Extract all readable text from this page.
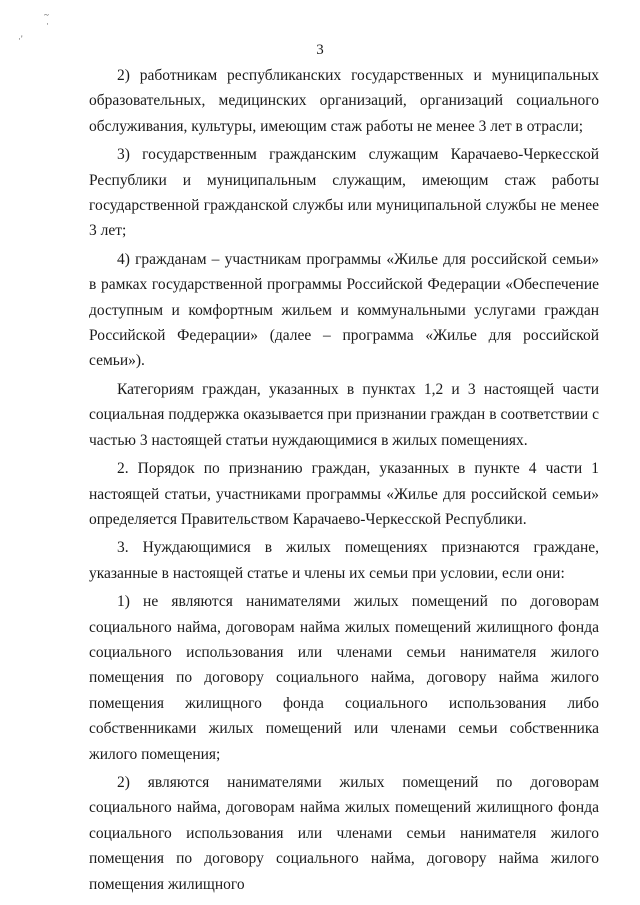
~
·
·'
3

2) работникам республиканских государственных и муниципальных образовательных, медицинских организаций, организаций социального обслуживания, культуры, имеющим стаж работы не менее 3 лет в отрасли;

3) государственным гражданским служащим Карачаево-Черкесской Республики и муниципальным служащим, имеющим стаж работы государственной гражданской службы или муниципальной службы не менее 3 лет;

4) гражданам – участникам программы «Жилье для российской семьи» в рамках государственной программы Российской Федерации «Обеспечение доступным и комфортным жильем и коммунальными услугами граждан Российской Федерации» (далее – программа «Жилье для российской семьи»).

Категориям граждан, указанных в пунктах 1,2 и 3 настоящей части социальная поддержка оказывается при признании граждан в соответствии с частью 3 настоящей статьи нуждающимися в жилых помещениях.

2. Порядок по признанию граждан, указанных в пункте 4 части 1 настоящей статьи, участниками программы «Жилье для российской семьи» определяется Правительством Карачаево-Черкесской Республики.

3. Нуждающимися в жилых помещениях признаются граждане, указанные в настоящей статье и члены их семьи при условии, если они:

1) не являются нанимателями жилых помещений по договорам социального найма, договорам найма жилых помещений жилищного фонда социального использования или членами семьи нанимателя жилого помещения по договору социального найма, договору найма жилого помещения жилищного фонда социального использования либо собственниками жилых помещений или членами семьи собственника жилого помещения;

2) являются нанимателями жилых помещений по договорам социального найма, договорам найма жилых помещений жилищного фонда социального использования или членами семьи нанимателя жилого помещения по договору социального найма, договору найма жилого помещения жилищного
